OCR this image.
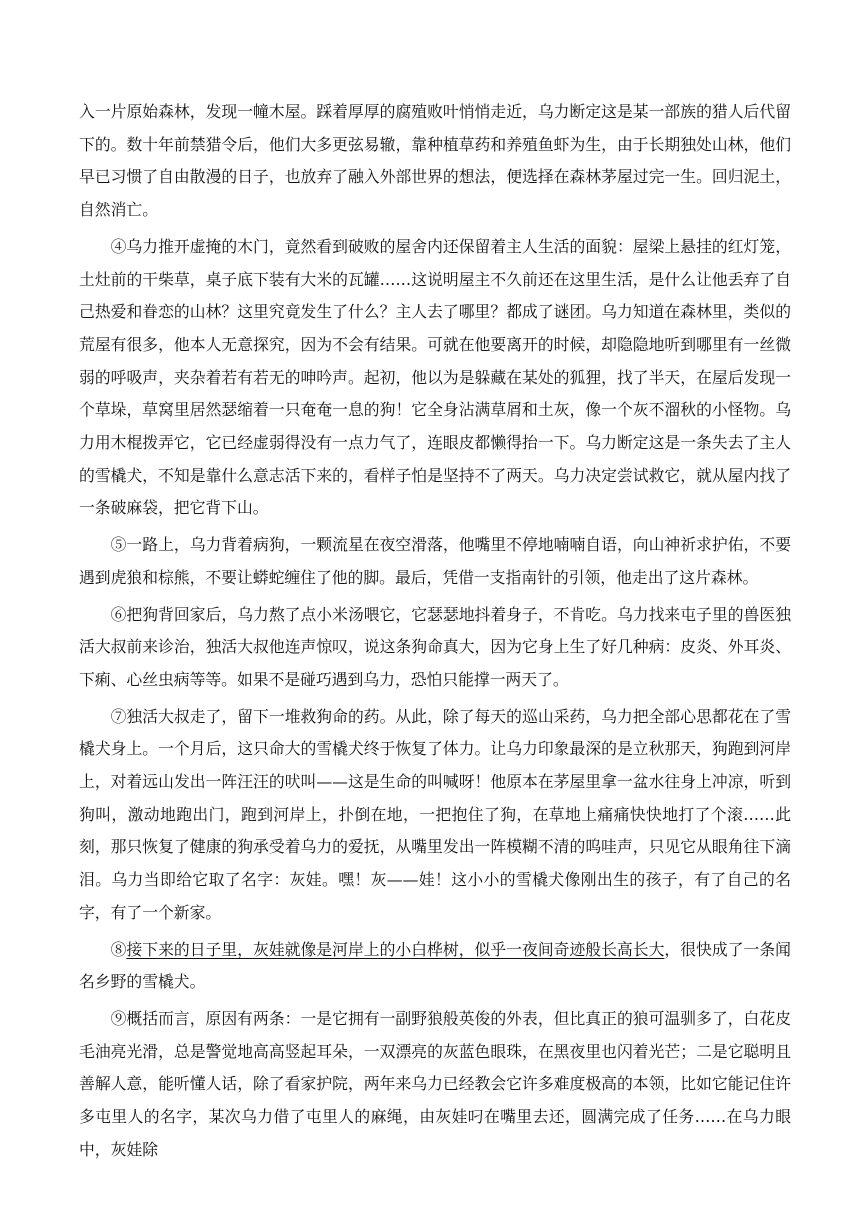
入一片原始森林，发现一幢木屋。踩着厚厚的腐殖败叶悄悄走近，乌力断定这是某一部族的猎人后代留下的。数十年前禁猎令后，他们大多更弦易辙，靠种植草药和养殖鱼虾为生，由于长期独处山林，他们早已习惯了自由散漫的日子，也放弃了融入外部世界的想法，便选择在森林茅屋过完一生。回归泥土，自然消亡。

④乌力推开虚掩的木门，竟然看到破败的屋舍内还保留着主人生活的面貌：屋梁上悬挂的红灯笼，土灶前的干柴草，桌子底下装有大米的瓦罐……这说明屋主不久前还在这里生活，是什么让他丢弃了自己热爱和眷恋的山林？这里究竟发生了什么？主人去了哪里？都成了谜团。乌力知道在森林里，类似的荒屋有很多，他本人无意探究，因为不会有结果。可就在他要离开的时候，却隐隐地听到哪里有一丝微弱的呼吸声，夹杂着若有若无的呻吟声。起初，他以为是躲藏在某处的狐狸，找了半天，在屋后发现一个草垛，草窝里居然瑟缩着一只奄奄一息的狗！它全身沾满草屑和土灰，像一个灰不溜秋的小怪物。乌力用木棍拨弄它，它已经虚弱得没有一点力气了，连眼皮都懒得抬一下。乌力断定这是一条失去了主人的雪橇犬，不知是靠什么意志活下来的，看样子怕是坚持不了两天。乌力决定尝试救它，就从屋内找了一条破麻袋，把它背下山。

⑤一路上，乌力背着病狗，一颗流星在夜空滑落，他嘴里不停地喃喃自语，向山神祈求护佑，不要遇到虎狼和棕熊，不要让蟒蛇缠住了他的脚。最后，凭借一支指南针的引领，他走出了这片森林。

⑥把狗背回家后，乌力熬了点小米汤喂它，它瑟瑟地抖着身子，不肯吃。乌力找来屯子里的兽医独活大叔前来诊治，独活大叔他连声惊叹，说这条狗命真大，因为它身上生了好几种病：皮炎、外耳炎、下痢、心丝虫病等等。如果不是碰巧遇到乌力，恐怕只能撑一两天了。

⑦独活大叔走了，留下一堆救狗命的药。从此，除了每天的巡山采药，乌力把全部心思都花在了雪橇犬身上。一个月后，这只命大的雪橇犬终于恢复了体力。让乌力印象最深的是立秋那天，狗跑到河岸上，对着远山发出一阵汪汪的吠叫——这是生命的叫喊呀！他原本在茅屋里拿一盆水往身上冲凉，听到狗叫，激动地跑出门，跑到河岸上，扑倒在地，一把抱住了狗，在草地上痛痛快快地打了个滚……此刻，那只恢复了健康的狗承受着乌力的爱抚，从嘴里发出一阵模糊不清的呜哇声，只见它从眼角往下滴泪。乌力当即给它取了名字：灰娃。嘿！灰——娃！这小小的雪橇犬像刚出生的孩子，有了自己的名字，有了一个新家。

⑧接下来的日子里，灰娃就像是河岸上的小白桦树，似乎一夜间奇迹般长高长大，很快成了一条闻名乡野的雪橇犬。

⑨概括而言，原因有两条：一是它拥有一副野狼般英俊的外表，但比真正的狼可温驯多了，白花皮毛油亮光滑，总是警觉地高高竖起耳朵，一双漂亮的灰蓝色眼珠，在黑夜里也闪着光芒；二是它聪明且善解人意，能听懂人话，除了看家护院，两年来乌力已经教会它许多难度极高的本领，比如它能记住许多屯里人的名字，某次乌力借了屯里人的麻绳，由灰娃叼在嘴里去还，圆满完成了任务……在乌力眼中，灰娃除
